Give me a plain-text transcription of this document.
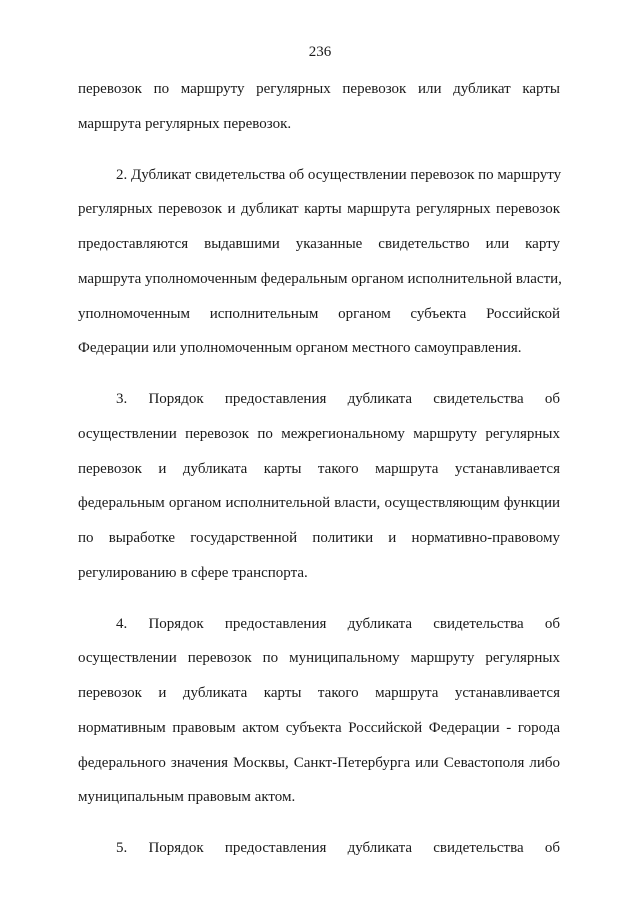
236
перевозок по маршруту регулярных перевозок или дубликат карты
маршрута регулярных перевозок.
2. Дубликат свидетельства об осуществлении перевозок по маршруту
регулярных перевозок и дубликат карты маршрута регулярных перевозок
предоставляются выдавшими указанные свидетельство или карту
маршрута уполномоченным федеральным органом исполнительной власти,
уполномоченным исполнительным органом субъекта Российской
Федерации или уполномоченным органом местного самоуправления.
3. Порядок предоставления дубликата свидетельства об
осуществлении перевозок по межрегиональному маршруту регулярных
перевозок и дубликата карты такого маршрута устанавливается
федеральным органом исполнительной власти, осуществляющим функции
по выработке государственной политики и нормативно-правовому
регулированию в сфере транспорта.
4. Порядок предоставления дубликата свидетельства об
осуществлении перевозок по муниципальному маршруту регулярных
перевозок и дубликата карты такого маршрута устанавливается
нормативным правовым актом субъекта Российской Федерации - города
федерального значения Москвы, Санкт-Петербурга или Севастополя либо
муниципальным правовым актом.
5. Порядок предоставления дубликата свидетельства об
